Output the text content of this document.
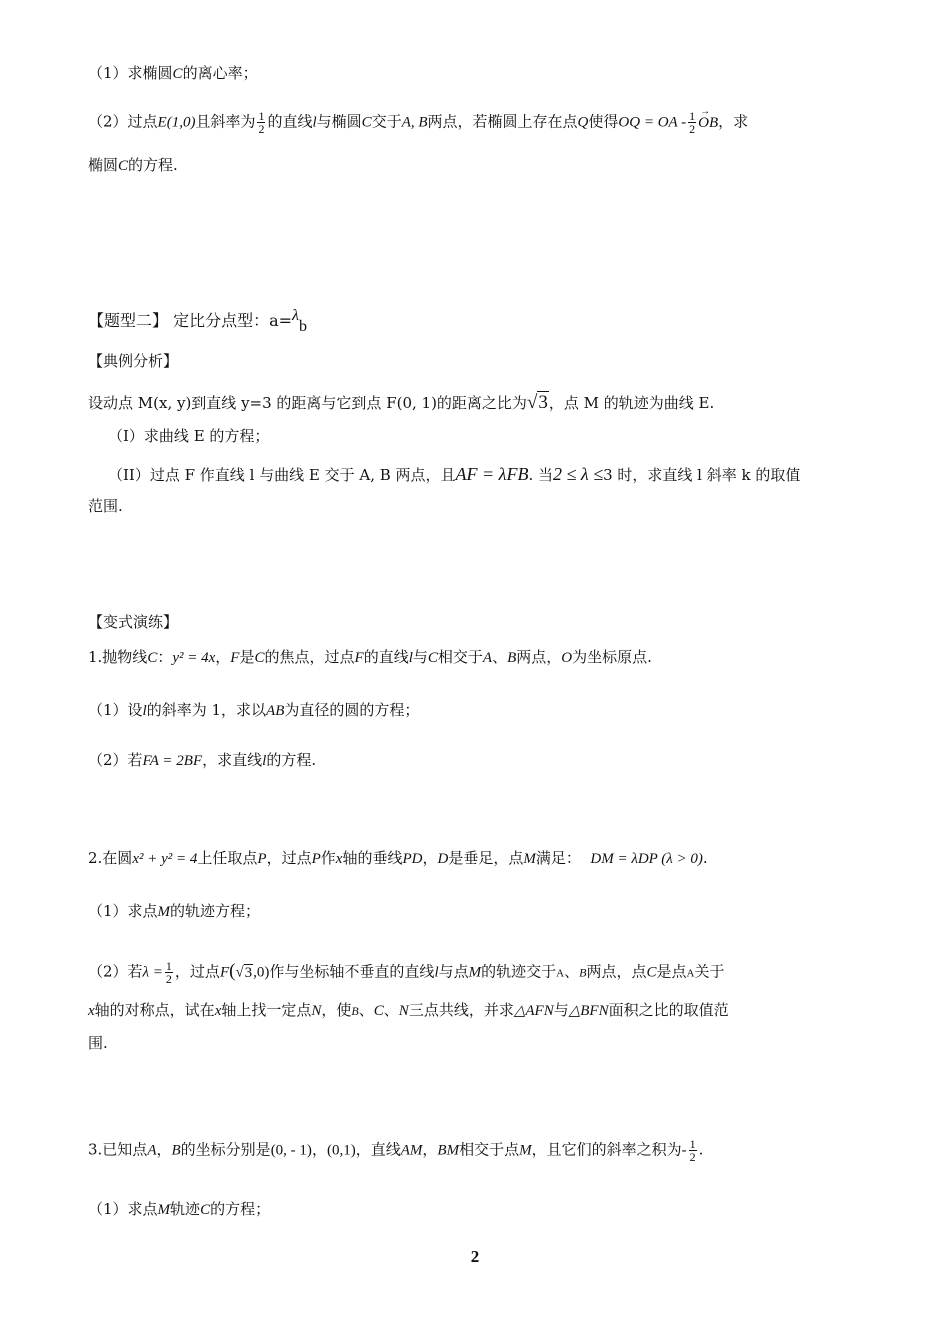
（1）求椭圆C的离心率；
（2）过点E(1,0)且斜率为 $\frac{1}{2}$ 的直线l与椭圆C交于A, B两点，若椭圆上存在点Q使得OQ = OA - $\frac{1}{2}$
→ OB，求
椭圆C的方程.
【题型二】 定比分点型：a=λb
【典例分析】
设动点 M(x, y)到直线 y=3 的距离与它到点 F(0, 1)的距离之比为√3，点 M 的轨迹为曲线 E.
（I）求曲线 E 的方程；
（II）过点 F 作直线 l 与曲线 E 交于 A, B 两点，且AF = λFB. 当2 ≤ λ ≤3 时，求直线 l 斜率 k 的取值
范围.
【变式演练】
1.抛物线C：y² = 4x，F是C的焦点，过点F的直线l与C相交于A、B两点，O为坐标原点.
（1）设l的斜率为 1，求以AB为直径的圆的方程；
（2）若FA = 2BF，求直线l的方程.
2.在圆x² + y² = 4上任取点P，过点P作x轴的垂线PD，D是垂足，点M满足： DM = λDP (λ > 0).
（1）求点M的轨迹方程；
（2）若$\lambda = \frac{1}{2}$ ，过点F(√3,0)作与坐标轴不垂直的直线l与点M的轨迹交于A、B两点，点C是点A关于
x轴的对称点，试在x轴上找一定点N，使B、C、N三点共线，并求△AFN与△BFN面积之比的取值范
围.
3.已知点A，B的坐标分别是(0, - 1)，(0,1)，直线AM，BM相交于点M，且它们的斜率之积为- $\frac{1}{2}$ .
（1）求点M轨迹C的方程；
2
